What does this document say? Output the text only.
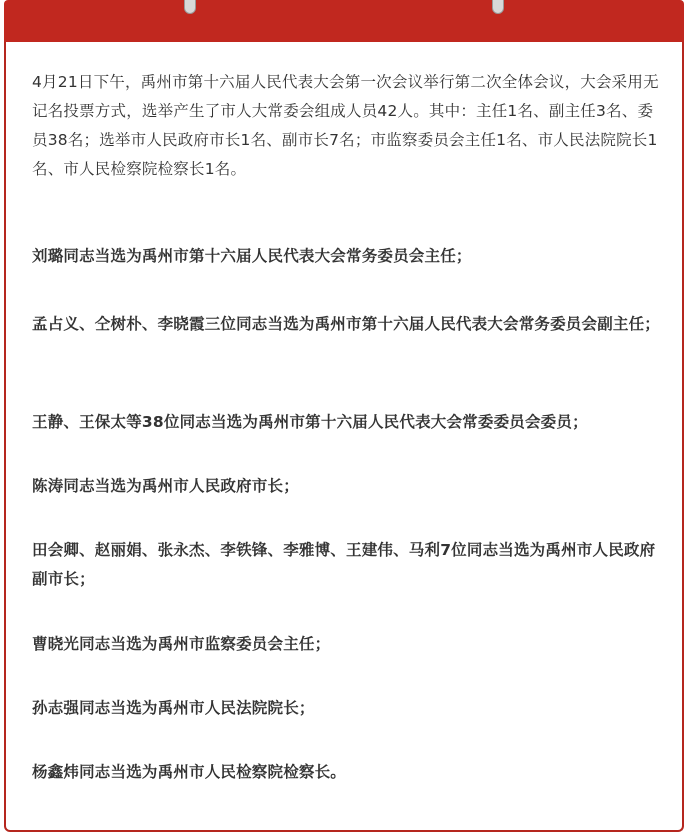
4月21日下午，禹州市第十六届人民代表大会第一次会议举行第二次全体会议，大会采用无记名投票方式，选举产生了市人大常委会组成人员42人。其中：主任1名、副主任3名、委员38名；选举市人民政府市长1名、副市长7名；市监察委员会主任1名、市人民法院院长1名、市人民检察院检察长1名。

刘璐同志当选为禹州市第十六届人民代表大会常务委员会主任；

孟占义、仝树朴、李晓霞三位同志当选为禹州市第十六届人民代表大会常务委员会副主任；

王静、王保太等38位同志当选为禹州市第十六届人民代表大会常委委员会委员；

陈涛同志当选为禹州市人民政府市长；

田会卿、赵丽娟、张永杰、李铁锋、李雅博、王建伟、马利7位同志当选为禹州市人民政府副市长；

曹晓光同志当选为禹州市监察委员会主任；

孙志强同志当选为禹州市人民法院院长；

杨鑫炜同志当选为禹州市人民检察院检察长。
